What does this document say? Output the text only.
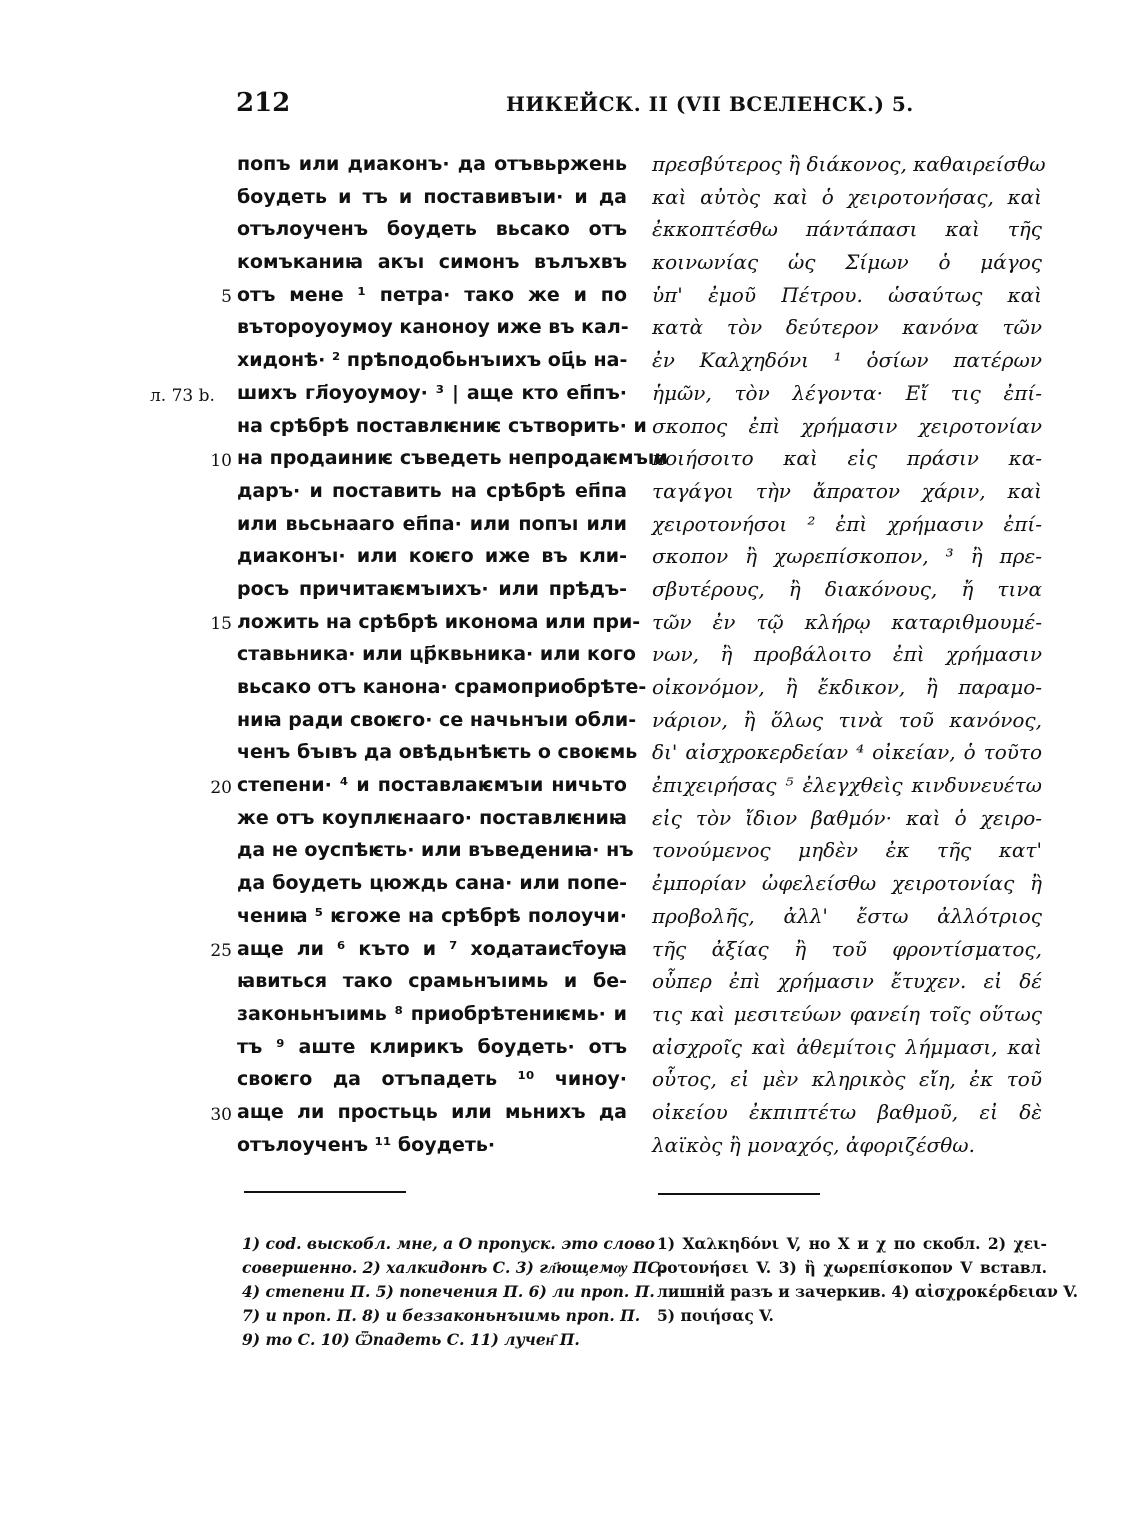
212	НИКЕЙСК. II (VII ВСЕЛЕНСК.) 5.
л. 73 b.
5
10
15
20
25
30
попъ или диаконъ· да отъвьржень
боудеть и тъ и поставивъıи· и да
отълоученъ боудеть вьсако отъ
комъканиꙗ акъı симонъ вълъхвъ
отъ мене ¹ петра· тако же и по
вътороуоумоу каноноу иже въ кал-
хидонѣ· ² прѣподобьнъıихъ оц҃ь на-
шихъ гл҃оуоумоу· ³ | аще кто еп҃пъ·
на срѣбрѣ поставлѥниѥ сътворить· и
на продаиниѥ съведеть непродаѥмъıи
даръ· и поставить на срѣбрѣ еп҃па
или вьсьнааго еп҃па· или попъı или
диаконъı· или коѥго иже въ кли-
росъ причитаѥмъıихъ· или прѣдъ-
ложить на срѣбрѣ икономa или при-
ставьника· или цр҃квьника· или кого
вьсако отъ канона· срамоприобрѣте-
ниꙗ ради своѥго· се начьнъıи обли-
ченъ бъıвъ да овѣдьнѣѥть о своѥмь
степени· ⁴ и поставлаѥмъıи ничьто
же отъ коуплѥнааго· поставлѥниꙗ
да не оуспѣѥть· или въведениꙗ· нъ
да боудеть цюждь сана· или попе-
чениꙗ ⁵ ѥгоже на срѣбрѣ полоучи·
аще ли ⁶ къто и ⁷ ходатаист҃оуꙗ
ꙗвиться тако срамьнъıимь и бе-
законьнъıимь ⁸ приобрѣтениѥмь· и
тъ ⁹ аште клирикъ боудеть· отъ
своѥго да отъпадеть ¹⁰ чиноу·
аще ли простьць или мьнихъ да
отълоученъ ¹¹ боудеть·
πρεσβύτερος ἢ διάκονος, καθαιρείσθω
καὶ αὐτὸς καὶ ὁ χειροτονήσας, καὶ
ἐκκοπτέσθω πάντάπασι καὶ τῆς
κοινωνίας ὡς Σίμων ὁ μάγος
ὑπ' ἐμοῦ Πέτρου. ὡσαύτως καὶ
κατὰ τὸν δεύτερον κανόνα τῶν
ἐν Καλχηδόνι ¹ ὁσίων πατέρων
ἡμῶν, τὸν λέγοντα· Εἴ τις ἐπί-
σκοπος ἐπὶ χρήμασιν χειροτονίαν
ποιήσοιτο καὶ εἰς πράσιν κα-
ταγάγοι τὴν ἄπρατον χάριν, καὶ
χειροτονήσοι ² ἐπὶ χρήμασιν ἐπί-
σκοπον ἢ χωρεπίσκοπον, ³ ἢ πρε-
σβυτέρους, ἢ διακόνους, ἤ τινα
τῶν ἐν τῷ κλήρῳ καταριθμουμέ-
νων, ἢ προβάλοιτο ἐπὶ χρήμασιν
οἰκονόμον, ἢ ἔκδικον, ἢ παραμο-
νάριον, ἢ ὅλως τινὰ τοῦ κανόνος,
δι' αἰσχροκερδείαν ⁴ οἰκείαν, ὁ τοῦτο
ἐπιχειρήσας ⁵ ἐλεγχθεὶς κινδυνευέτω
εἰς τὸν ἴδιον βαθμόν· καὶ ὁ χειρο-
τονούμενος μηδὲν ἐκ τῆς κατ'
ἐμπορίαν ὠφελείσθω χειροτονίας ἢ
προβολῆς, ἀλλ' ἔστω ἀλλότριος
τῆς ἀξίας ἢ τοῦ φροντίσματος,
οὗπερ ἐπὶ χρήμασιν ἔτυχεν. εἰ δέ
τις καὶ μεσιτεύων φανείη τοῖς οὕτως
αἰσχροῖς καὶ ἀθεμίτοις λήμμασι, καὶ
οὗτος, εἰ μὲν κληρικὸς εἴη, ἐκ τοῦ
οἰκείου ἐκπιπτέτω βαθμοῦ, εἰ δὲ
λαϊκὸς ἢ μοναχός, ἀφοριζέσθω.
1) cod. выскобл. мне, а О пропуск. это слово
совершенно. 2) халкидонѣ С. 3) гл҃ющемѹ ПС.
4) степени П. 5) попечения П. 6) ли проп. П.
7) и проп. П. 8) и беззаконьнъıимь проп. П.
9) то С. 10) Ѿпадеть С. 11) лучен҄ П.
1) Χαλκηδόνι V, но Χ и χ по скобл. 2) χει-
ροτονήσει V. 3) ἢ χωρεπίσκοπον V вставл.
лишній разъ и зачеркив. 4) αἰσχροκέρδειαν V.
5) ποιήσας V.
